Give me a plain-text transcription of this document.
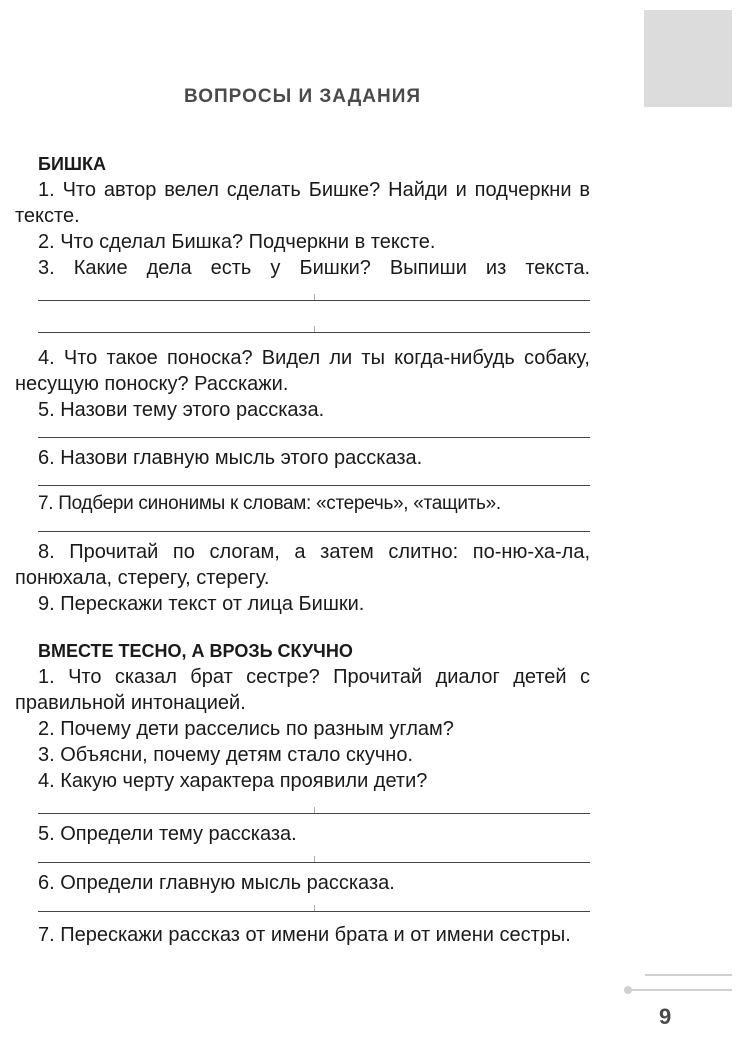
ВОПРОСЫ И ЗАДАНИЯ
БИШКА

1. Что автор велел сделать Бишке? Найди и подчеркни в тексте.

2. Что сделал Бишка? Подчеркни в тексте.

3. Какие дела есть у Бишки? Выпиши из текста.

4. Что такое поноска? Видел ли ты когда-нибудь собаку, несущую поноску? Расскажи.

5. Назови тему этого рассказа.

6. Назови главную мысль этого рассказа.

7. Подбери синонимы к словам: «стеречь», «тащить».

8. Прочитай по слогам, а затем слитно: по-ню-ха-ла, понюхала, стерегу, стерегу.

9. Перескажи текст от лица Бишки.

ВМЕСТЕ ТЕСНО, А ВРОЗЬ СКУЧНО

1. Что сказал брат сестре? Прочитай диалог детей с правильной интонацией.

2. Почему дети расселись по разным углам?

3. Объясни, почему детям стало скучно.

4. Какую черту характера проявили дети?

5. Определи тему рассказа.

6. Определи главную мысль рассказа.

7. Перескажи рассказ от имени брата и от имени сестры.

9
